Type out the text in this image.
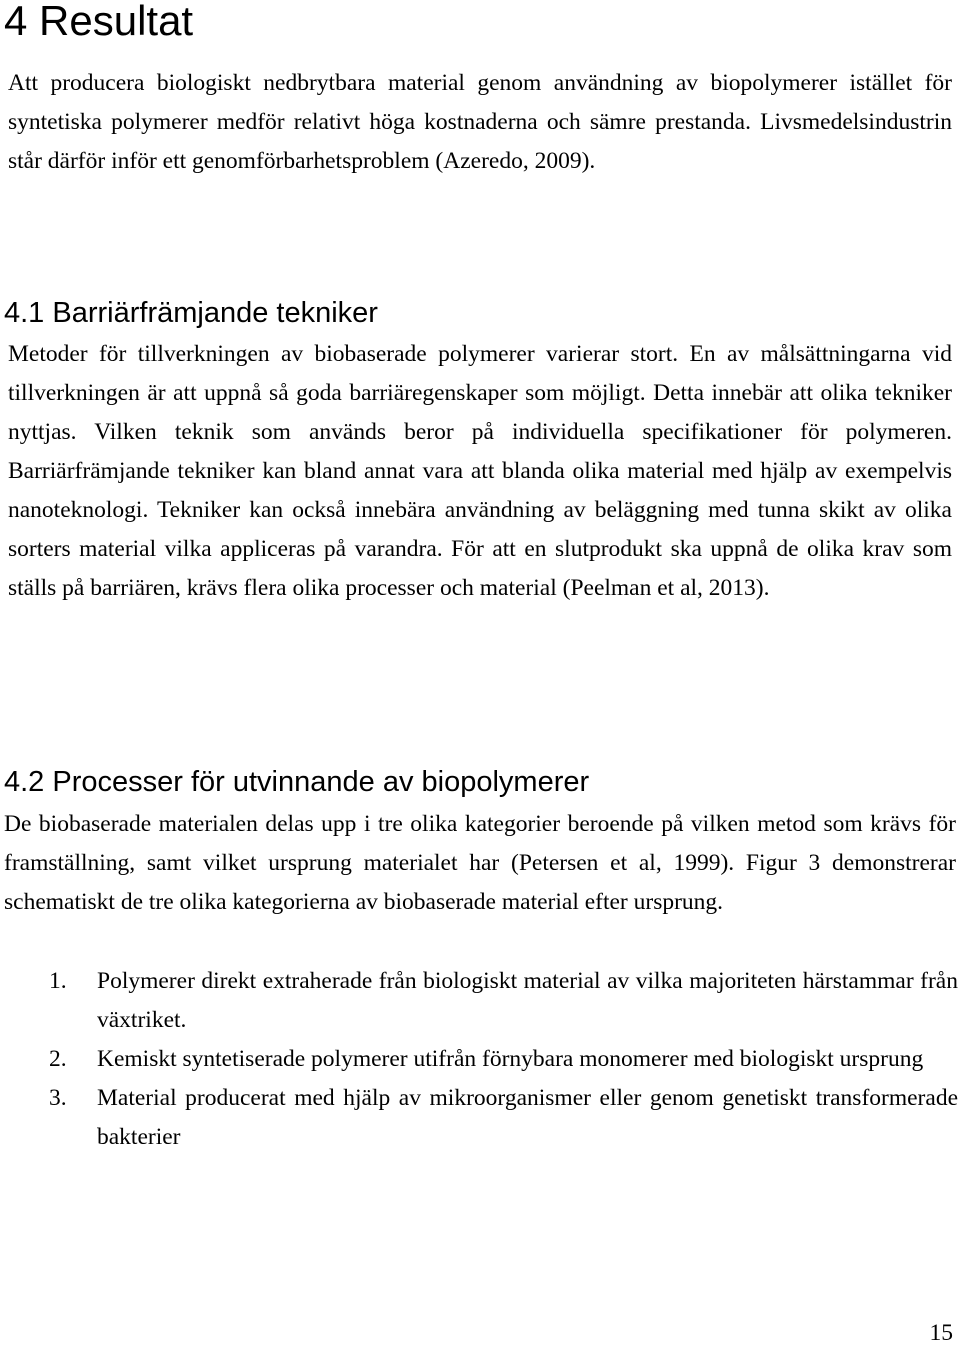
4 Resultat

Att producera biologiskt nedbrytbara material genom användning av biopolymerer istället för syntetiska polymerer medför relativt höga kostnaderna och sämre prestanda. Livsmedelsindustrin står därför inför ett genomförbarhetsproblem (Azeredo, 2009).

4.1 Barriärfrämjande tekniker

Metoder för tillverkningen av biobaserade polymerer varierar stort. En av målsättningarna vid tillverkningen är att uppnå så goda barriäregenskaper som möjligt. Detta innebär att olika tekniker nyttjas. Vilken teknik som används beror på individuella specifikationer för polymeren. Barriärfrämjande tekniker kan bland annat vara att blanda olika material med hjälp av exempelvis nanoteknologi. Tekniker kan också innebära användning av beläggning med tunna skikt av olika sorters material vilka appliceras på varandra. För att en slutprodukt ska uppnå de olika krav som ställs på barriären, krävs flera olika processer och material (Peelman et al, 2013).

4.2 Processer för utvinnande av biopolymerer

De biobaserade materialen delas upp i tre olika kategorier beroende på vilken metod som krävs för framställning, samt vilket ursprung materialet har (Petersen et al, 1999). Figur 3 demonstrerar schematiskt de tre olika kategorierna av biobaserade material efter ursprung.

1. Polymerer direkt extraherade från biologiskt material av vilka majoriteten härstammar från växtriket.
2. Kemiskt syntetiserade polymerer utifrån förnybara monomerer med biologiskt ursprung
3. Material producerat med hjälp av mikroorganismer eller genom genetiskt transformerade bakterier

15
